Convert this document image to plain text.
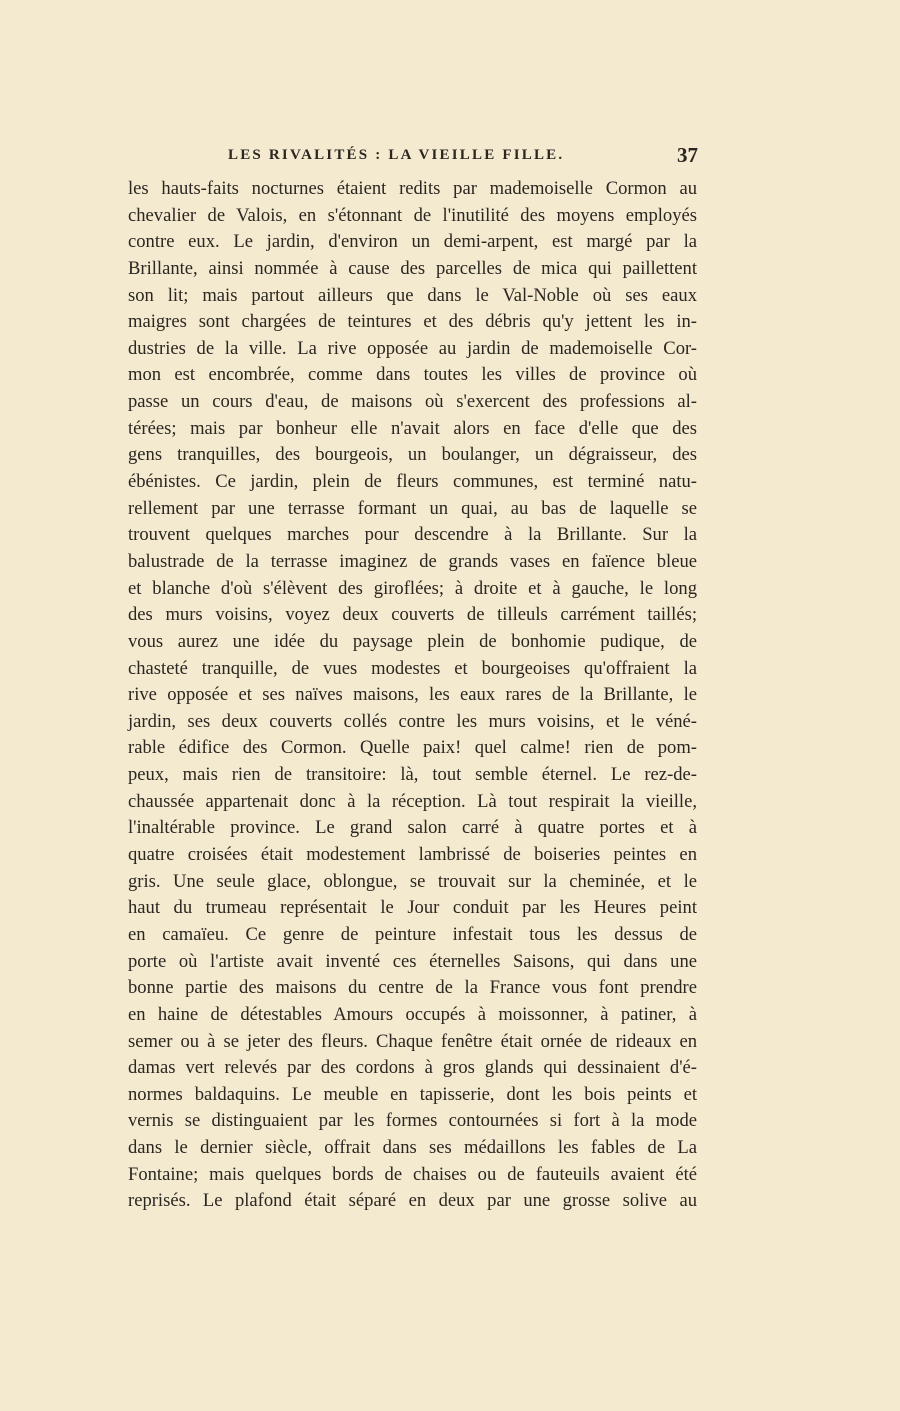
LES RIVALITÉS : LA VIEILLE FILLE.	37
les hauts-faits nocturnes étaient redits par mademoiselle Cormon au
chevalier de Valois, en s'étonnant de l'inutilité des moyens employés
contre eux. Le jardin, d'environ un demi-arpent, est margé par la
Brillante, ainsi nommée à cause des parcelles de mica qui paillettent
son lit; mais partout ailleurs que dans le Val-Noble où ses eaux
maigres sont chargées de teintures et des débris qu'y jettent les in-
dustries de la ville. La rive opposée au jardin de mademoiselle Cor-
mon est encombrée, comme dans toutes les villes de province où
passe un cours d'eau, de maisons où s'exercent des professions al-
térées; mais par bonheur elle n'avait alors en face d'elle que des
gens tranquilles, des bourgeois, un boulanger, un dégraisseur, des
ébénistes. Ce jardin, plein de fleurs communes, est terminé natu-
rellement par une terrasse formant un quai, au bas de laquelle se
trouvent quelques marches pour descendre à la Brillante. Sur la
balustrade de la terrasse imaginez de grands vases en faïence bleue
et blanche d'où s'élèvent des giroflées; à droite et à gauche, le long
des murs voisins, voyez deux couverts de tilleuls carrément taillés;
vous aurez une idée du paysage plein de bonhomie pudique, de
chasteté tranquille, de vues modestes et bourgeoises qu'offraient la
rive opposée et ses naïves maisons, les eaux rares de la Brillante, le
jardin, ses deux couverts collés contre les murs voisins, et le véné-
rable édifice des Cormon. Quelle paix! quel calme! rien de pom-
peux, mais rien de transitoire: là, tout semble éternel. Le rez-de-
chaussée appartenait donc à la réception. Là tout respirait la vieille,
l'inaltérable province. Le grand salon carré à quatre portes et à
quatre croisées était modestement lambrissé de boiseries peintes en
gris. Une seule glace, oblongue, se trouvait sur la cheminée, et le
haut du trumeau représentait le Jour conduit par les Heures peint
en camaïeu. Ce genre de peinture infestait tous les dessus de
porte où l'artiste avait inventé ces éternelles Saisons, qui dans une
bonne partie des maisons du centre de la France vous font prendre
en haine de détestables Amours occupés à moissonner, à patiner, à
semer ou à se jeter des fleurs. Chaque fenêtre était ornée de rideaux en
damas vert relevés par des cordons à gros glands qui dessinaient d'é-
normes baldaquins. Le meuble en tapisserie, dont les bois peints et
vernis se distinguaient par les formes contournées si fort à la mode
dans le dernier siècle, offrait dans ses médaillons les fables de La
Fontaine; mais quelques bords de chaises ou de fauteuils avaient été
reprisés. Le plafond était séparé en deux par une grosse solive au
